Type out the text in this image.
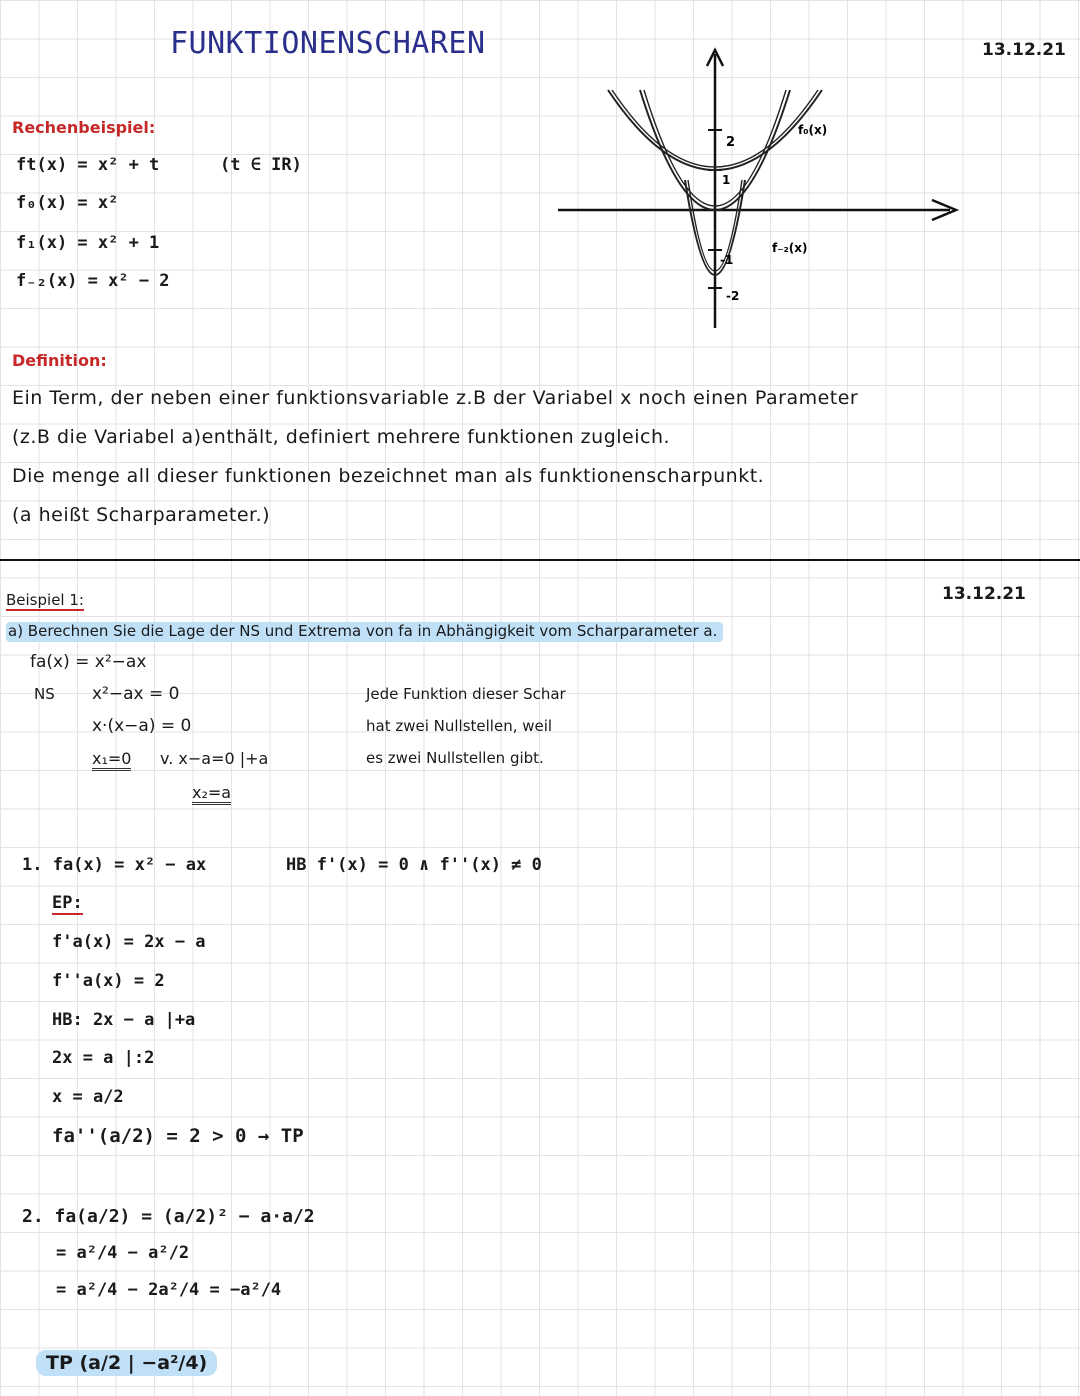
FUNKTIONENSCHAREN	13.12.21
Rechenbeispiel:
ft(x) = x² + t	(t ∈ IR)
f₀(x) = x²
f₁(x) = x² + 1
f₋₂(x) = x² − 2
2
1
-1
-2
f₀(x)
f₋₂(x)
Definition:
Ein Term, der neben einer funktionsvariable z.B der Variabel x noch einen Parameter
(z.B die Variabel a)enthält, definiert mehrere funktionen zugleich.
Die menge all dieser funktionen bezeichnet man als funktionenscharpunkt.
(a heißt Scharparameter.)
13.12.21
Beispiel 1:
a) Berechnen Sie die Lage der NS und Extrema von fa in Abhängigkeit vom Scharparameter a.
fa(x) = x²−ax
NS x²−ax = 0
x·(x−a) = 0
x₁=0 v. x−a=0 |+a
x₂=a
Jede Funktion dieser Schar
hat zwei Nullstellen, weil
es zwei Nullstellen gibt.
1. fa(x) = x² − ax	HB f'(x) = 0 ∧ f''(x) ≠ 0
EP:
f'a(x) = 2x − a
f''a(x) = 2
HB: 2x − a |+a
2x = a |:2
x = a/2
fa''(a/2) = 2 > 0 → TP
2. fa(a/2) = (a/2)² − a·a/2
= a²/4 − a²/2
= a²/4 − 2a²/4 = −a²/4
TP (a/2 | −a²/4)
